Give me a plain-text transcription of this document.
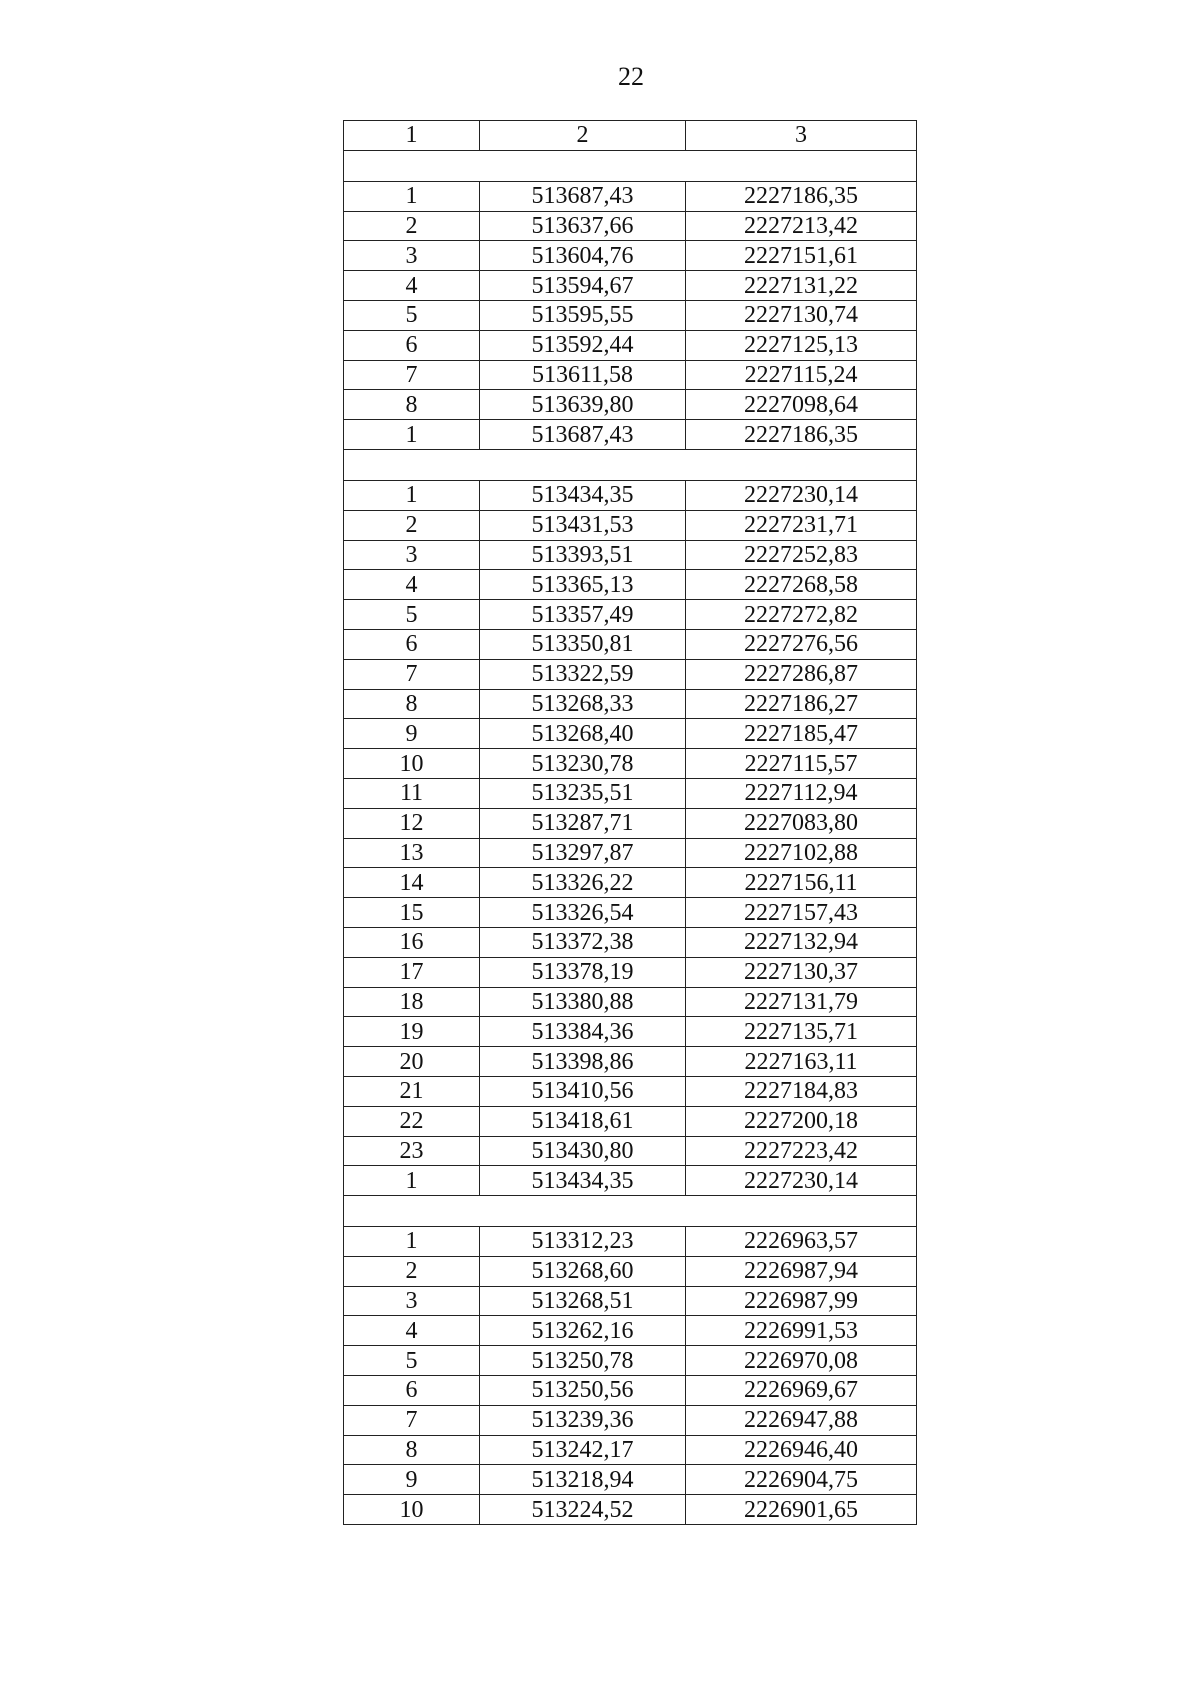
22
1	2	3

1	513687,43	2227186,35
2	513637,66	2227213,42
3	513604,76	2227151,61
4	513594,67	2227131,22
5	513595,55	2227130,74
6	513592,44	2227125,13
7	513611,58	2227115,24
8	513639,80	2227098,64
1	513687,43	2227186,35

1	513434,35	2227230,14
2	513431,53	2227231,71
3	513393,51	2227252,83
4	513365,13	2227268,58
5	513357,49	2227272,82
6	513350,81	2227276,56
7	513322,59	2227286,87
8	513268,33	2227186,27
9	513268,40	2227185,47
10	513230,78	2227115,57
11	513235,51	2227112,94
12	513287,71	2227083,80
13	513297,87	2227102,88
14	513326,22	2227156,11
15	513326,54	2227157,43
16	513372,38	2227132,94
17	513378,19	2227130,37
18	513380,88	2227131,79
19	513384,36	2227135,71
20	513398,86	2227163,11
21	513410,56	2227184,83
22	513418,61	2227200,18
23	513430,80	2227223,42
1	513434,35	2227230,14

1	513312,23	2226963,57
2	513268,60	2226987,94
3	513268,51	2226987,99
4	513262,16	2226991,53
5	513250,78	2226970,08
6	513250,56	2226969,67
7	513239,36	2226947,88
8	513242,17	2226946,40
9	513218,94	2226904,75
10	513224,52	2226901,65
